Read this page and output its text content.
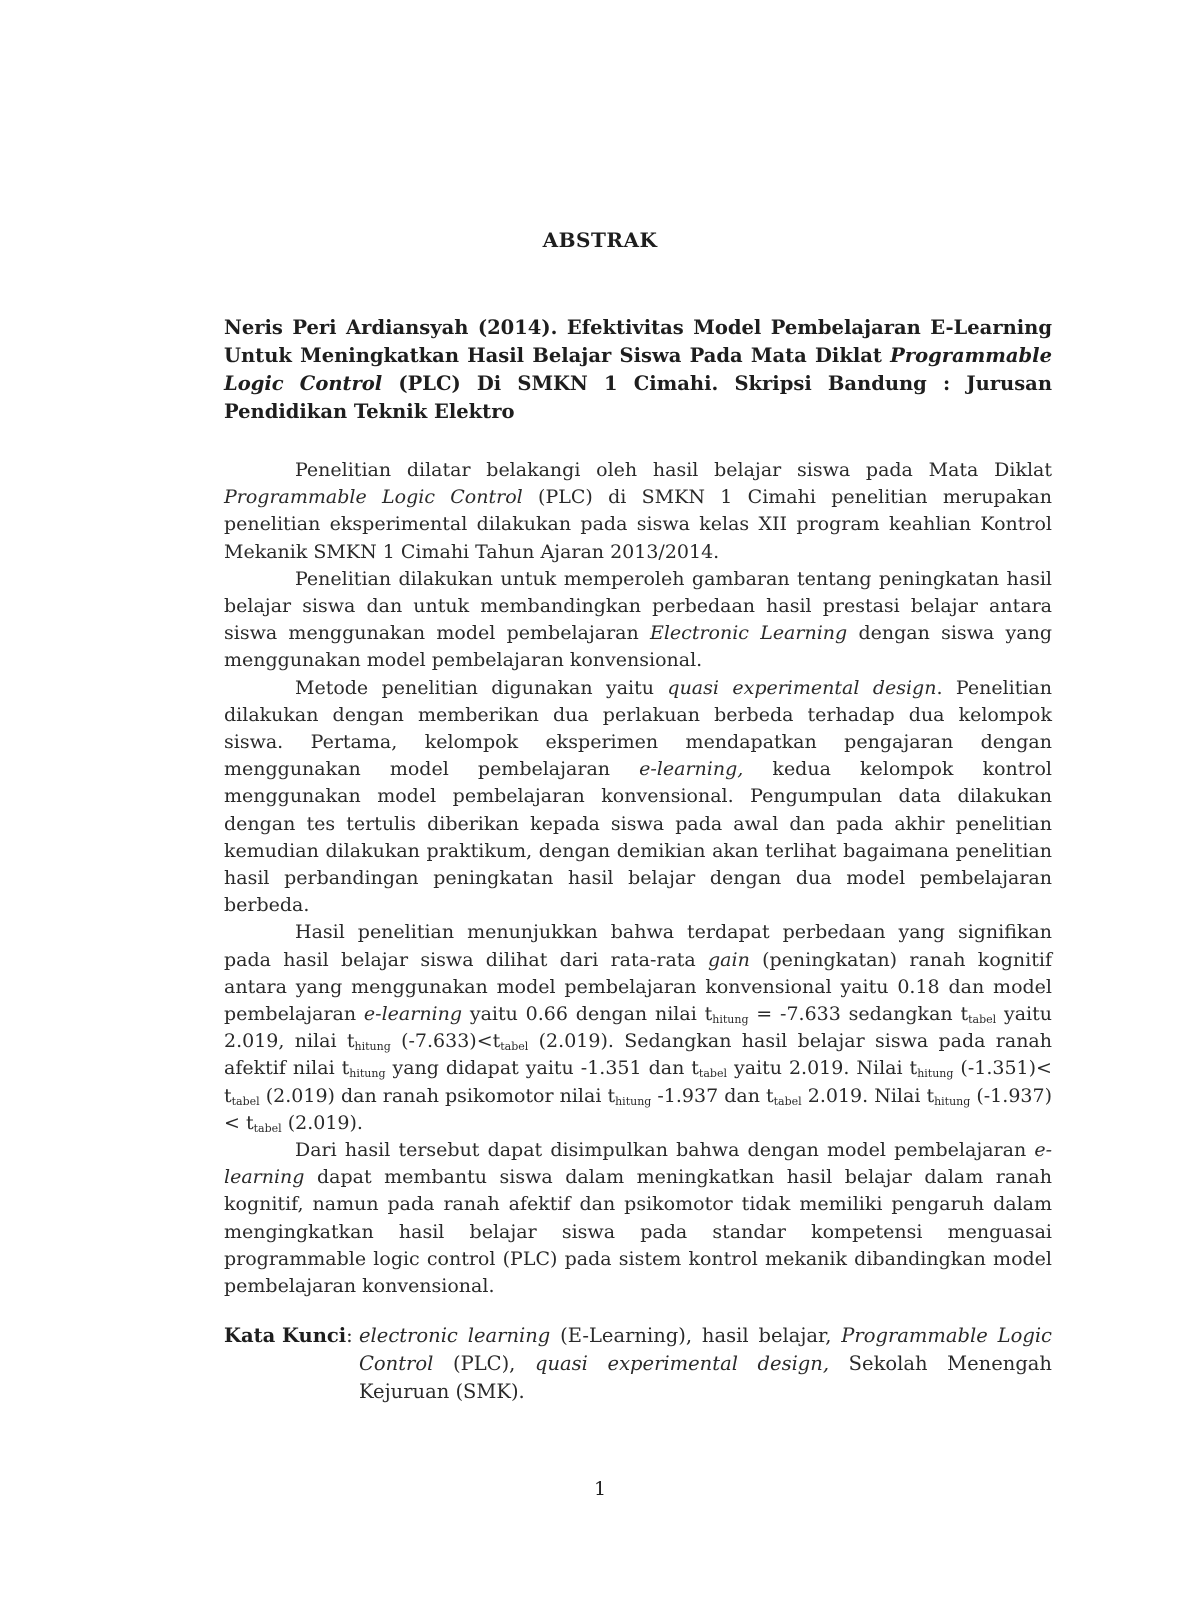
ABSTRAK
Neris Peri Ardiansyah (2014). Efektivitas Model Pembelajaran E-Learning Untuk Meningkatkan Hasil Belajar Siswa Pada Mata Diklat Programmable Logic Control (PLC) Di SMKN 1 Cimahi. Skripsi Bandung : Jurusan Pendidikan Teknik Elektro

Penelitian dilatar belakangi oleh hasil belajar siswa pada Mata Diklat Programmable Logic Control (PLC) di SMKN 1 Cimahi penelitian merupakan penelitian eksperimental dilakukan pada siswa kelas XII program keahlian Kontrol Mekanik SMKN 1 Cimahi Tahun Ajaran 2013/2014.

Penelitian dilakukan untuk memperoleh gambaran tentang peningkatan hasil belajar siswa dan untuk membandingkan perbedaan hasil prestasi belajar antara siswa menggunakan model pembelajaran Electronic Learning dengan siswa yang menggunakan model pembelajaran konvensional.

Metode penelitian digunakan yaitu quasi experimental design. Penelitian dilakukan dengan memberikan dua perlakuan berbeda terhadap dua kelompok siswa. Pertama, kelompok eksperimen mendapatkan pengajaran dengan menggunakan model pembelajaran e-learning, kedua kelompok kontrol menggunakan model pembelajaran konvensional. Pengumpulan data dilakukan dengan tes tertulis diberikan kepada siswa pada awal dan pada akhir penelitian kemudian dilakukan praktikum, dengan demikian akan terlihat bagaimana penelitian hasil perbandingan peningkatan hasil belajar dengan dua model pembelajaran berbeda.

Hasil penelitian menunjukkan bahwa terdapat perbedaan yang signifikan pada hasil belajar siswa dilihat dari rata-rata gain (peningkatan) ranah kognitif antara yang menggunakan model pembelajaran konvensional yaitu 0.18 dan model pembelajaran e-learning yaitu 0.66 dengan nilai $t_{hitung} = -7.633$ sedangkan $t_{tabel}$ yaitu 2.019, nilai $t_{hitung}$ $(-7.633)<t_{tabel}$ (2.019). Sedangkan hasil belajar siswa pada ranah afektif nilai $t_{hitung}$ yang didapat yaitu -1.351 dan $t_{tabel}$ yaitu 2.019. Nilai $t_{hitung}$ $(-1.351)< t_{tabel}$ (2.019) dan ranah psikomotor nilai $t_{hitung}$ -1.937 dan $t_{tabel}$ 2.019. Nilai $t_{hitung}$ $(-1.937)< t_{tabel}$ (2.019).

Dari hasil tersebut dapat disimpulkan bahwa dengan model pembelajaran e-learning dapat membantu siswa dalam meningkatkan hasil belajar dalam ranah kognitif, namun pada ranah afektif dan psikomotor tidak memiliki pengaruh dalam mengingkatkan hasil belajar siswa pada standar kompetensi menguasai programmable logic control (PLC) pada sistem kontrol mekanik dibandingkan model pembelajaran konvensional.

Kata Kunci: electronic learning (E-Learning), hasil belajar, Programmable Logic Control (PLC), quasi experimental design, Sekolah Menengah Kejuruan (SMK).
1
